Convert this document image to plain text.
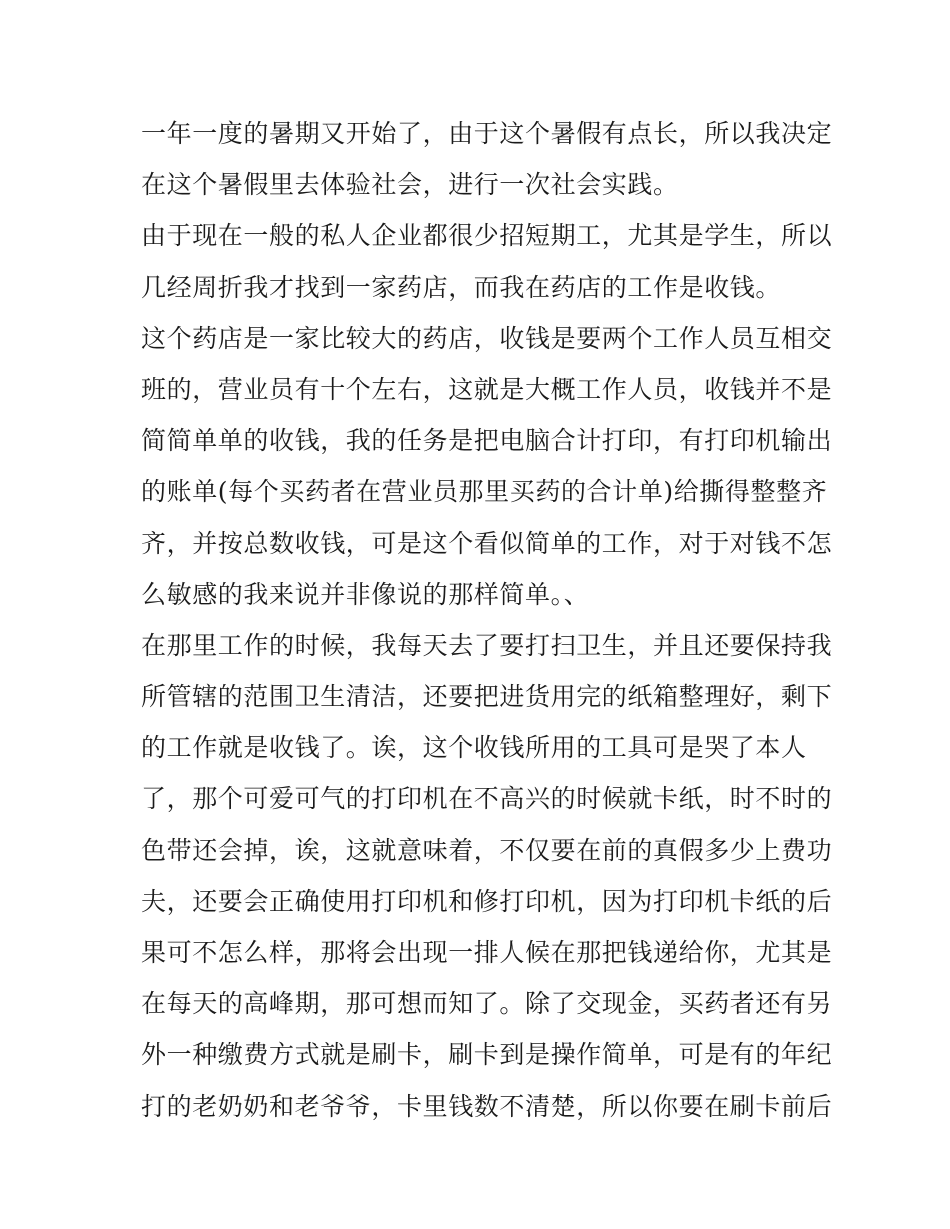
一年一度的暑期又开始了，由于这个暑假有点长，所以我决定
在这个暑假里去体验社会，进行一次社会实践。
由于现在一般的私人企业都很少招短期工，尤其是学生，所以
几经周折我才找到一家药店，而我在药店的工作是收钱。
这个药店是一家比较大的药店，收钱是要两个工作人员互相交
班的，营业员有十个左右，这就是大概工作人员，收钱并不是
简简单单的收钱，我的任务是把电脑合计打印，有打印机输出
的账单(每个买药者在营业员那里买药的合计单)给撕得整整齐
齐，并按总数收钱，可是这个看似简单的工作，对于对钱不怎
么敏感的我来说并非像说的那样简单。、
在那里工作的时候，我每天去了要打扫卫生，并且还要保持我
所管辖的范围卫生清洁，还要把进货用完的纸箱整理好，剩下
的工作就是收钱了。诶，这个收钱所用的工具可是哭了本人
了，那个可爱可气的打印机在不高兴的时候就卡纸，时不时的
色带还会掉，诶，这就意味着，不仅要在前的真假多少上费功
夫，还要会正确使用打印机和修打印机，因为打印机卡纸的后
果可不怎么样，那将会出现一排人候在那把钱递给你，尤其是
在每天的高峰期，那可想而知了。除了交现金，买药者还有另
外一种缴费方式就是刷卡，刷卡到是操作简单，可是有的年纪
打的老奶奶和老爷爷，卡里钱数不清楚，所以你要在刷卡前后
